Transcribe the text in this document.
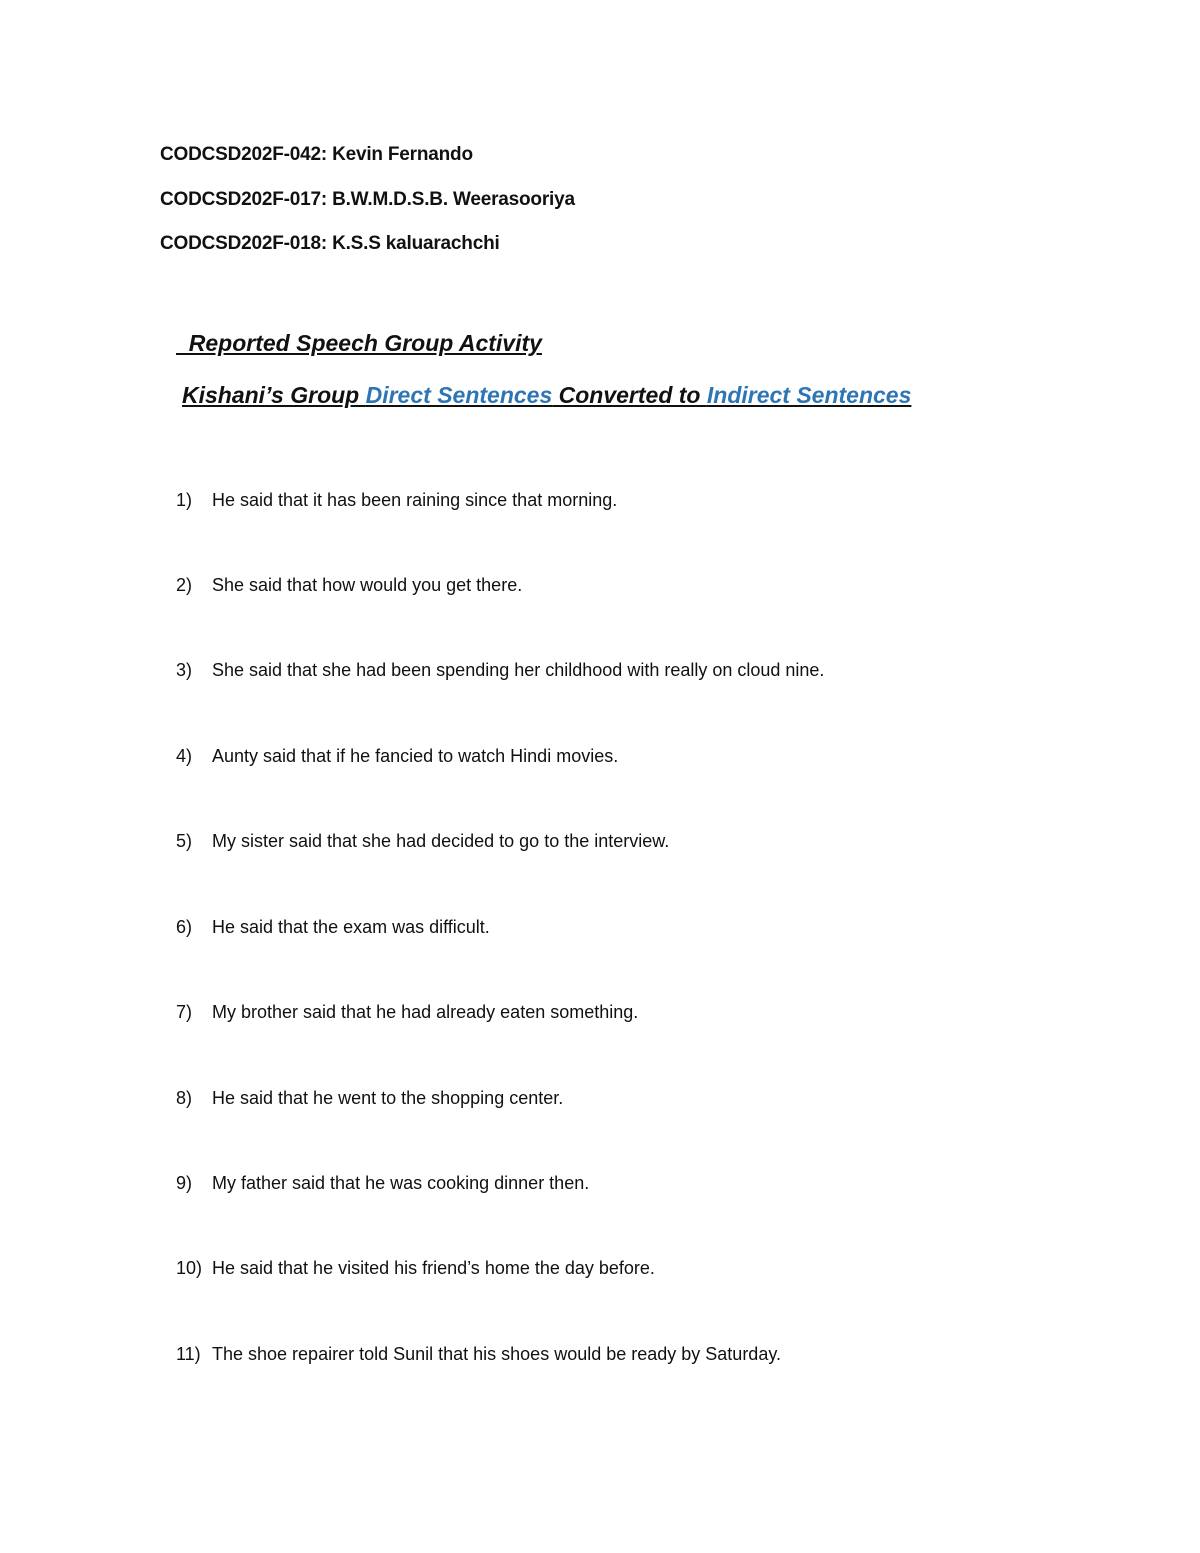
CODCSD202F-042: Kevin Fernando
CODCSD202F-017: B.W.M.D.S.B. Weerasooriya
CODCSD202F-018: K.S.S kaluarachchi
Reported Speech Group Activity
Kishani’s Group Direct Sentences Converted to Indirect Sentences
1) He said that it has been raining since that morning.
2) She said that how would you get there.
3) She said that she had been spending her childhood with really on cloud nine.
4) Aunty said that if he fancied to watch Hindi movies.
5) My sister said that she had decided to go to the interview.
6) He said that the exam was difficult.
7) My brother said that he had already eaten something.
8) He said that he went to the shopping center.
9) My father said that he was cooking dinner then.
10) He said that he visited his friend’s home the day before.
11) The shoe repairer told Sunil that his shoes would be ready by Saturday.
